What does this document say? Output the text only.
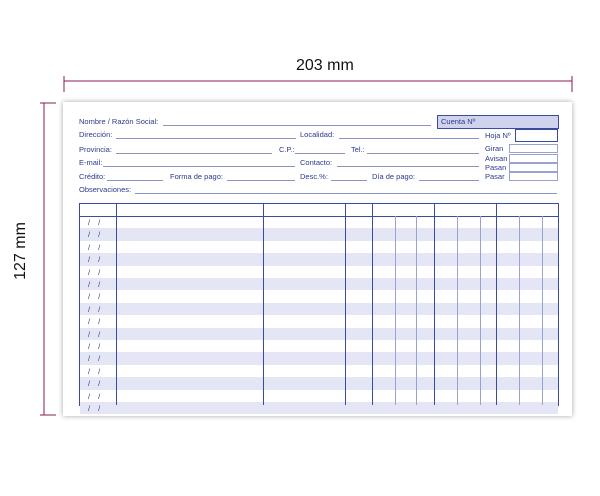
203 mm
127 mm
Nombre / Razón Social:	Cuenta Nº
Dirección:	Localidad:	Hoja Nº
Provincia:	C.P.:	Tel.:
E-mail:	Contacto:
Crédito:	Forma de pago:	Desc.%:	Día de pago:
Giran
Avisan
Pasan
Pasar
Observaciones:
/ /
/ /
/ /
/ /
/ /
/ /
/ /
/ /
/ /
/ /
/ /
/ /
/ /
/ /
/ /
/ /
